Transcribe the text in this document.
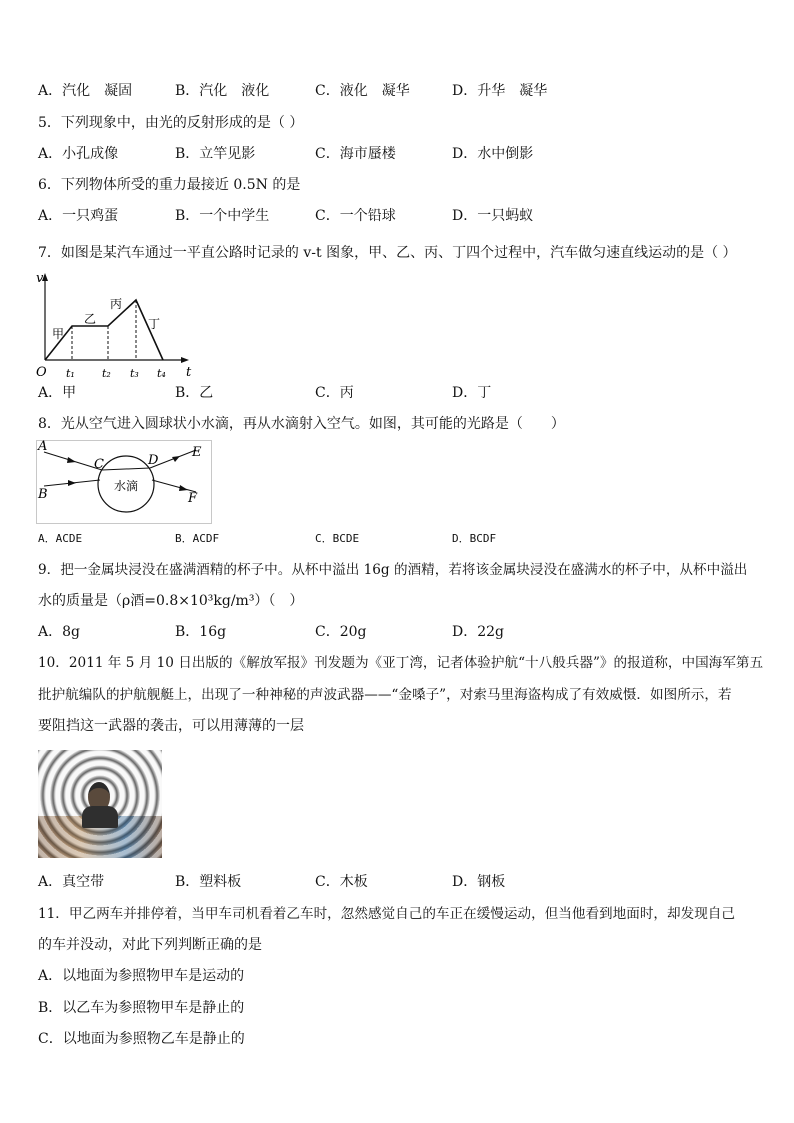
A．汽化　凝固	B．汽化　液化	C．液化　凝华	D．升华　凝华
5．下列现象中，由光的反射形成的是（ ）
A．小孔成像	B．立竿见影	C．海市蜃楼	D．水中倒影
6．下列物体所受的重力最接近 0.5N 的是
A．一只鸡蛋	B．一个中学生	C．一个铅球	D．一只蚂蚁
7．如图是某汽车通过一平直公路时记录的 v-t 图象，甲、乙、丙、丁四个过程中，汽车做匀速直线运动的是（ ）
v
t
O t₁ t₂ t₃ t₄
甲
乙
丙
丁
A．甲	B．乙	C．丙	D．丁
8．光从空气进入圆球状小水滴，再从水滴射入空气。如图，其可能的光路是（　　）
水滴
A
B
C	D
E
F
A．ACDE	B．ACDF	C．BCDE	D．BCDF
9．把一金属块浸没在盛满酒精的杯子中。从杯中溢出 16g 的酒精，若将该金属块浸没在盛满水的杯子中，从杯中溢出
水的质量是（ρ酒=0.8×10³kg/m³）（　）
A．8g	B．16g	C．20g	D．22g
10．2011 年 5 月 10 日出版的《解放军报》刊发题为《亚丁湾，记者体验护航“十八般兵器”》的报道称，中国海军第五
批护航编队的护航舰艇上，出现了一种神秘的声波武器——“金嗓子”，对索马里海盗构成了有效威慑．如图所示，若
要阻挡这一武器的袭击，可以用薄薄的一层
A．真空带	B．塑料板	C．木板	D．钢板
11．甲乙两车并排停着，当甲车司机看着乙车时，忽然感觉自己的车正在缓慢运动，但当他看到地面时，却发现自己
的车并没动，对此下列判断正确的是
A．以地面为参照物甲车是运动的
B．以乙车为参照物甲车是静止的
C．以地面为参照物乙车是静止的
